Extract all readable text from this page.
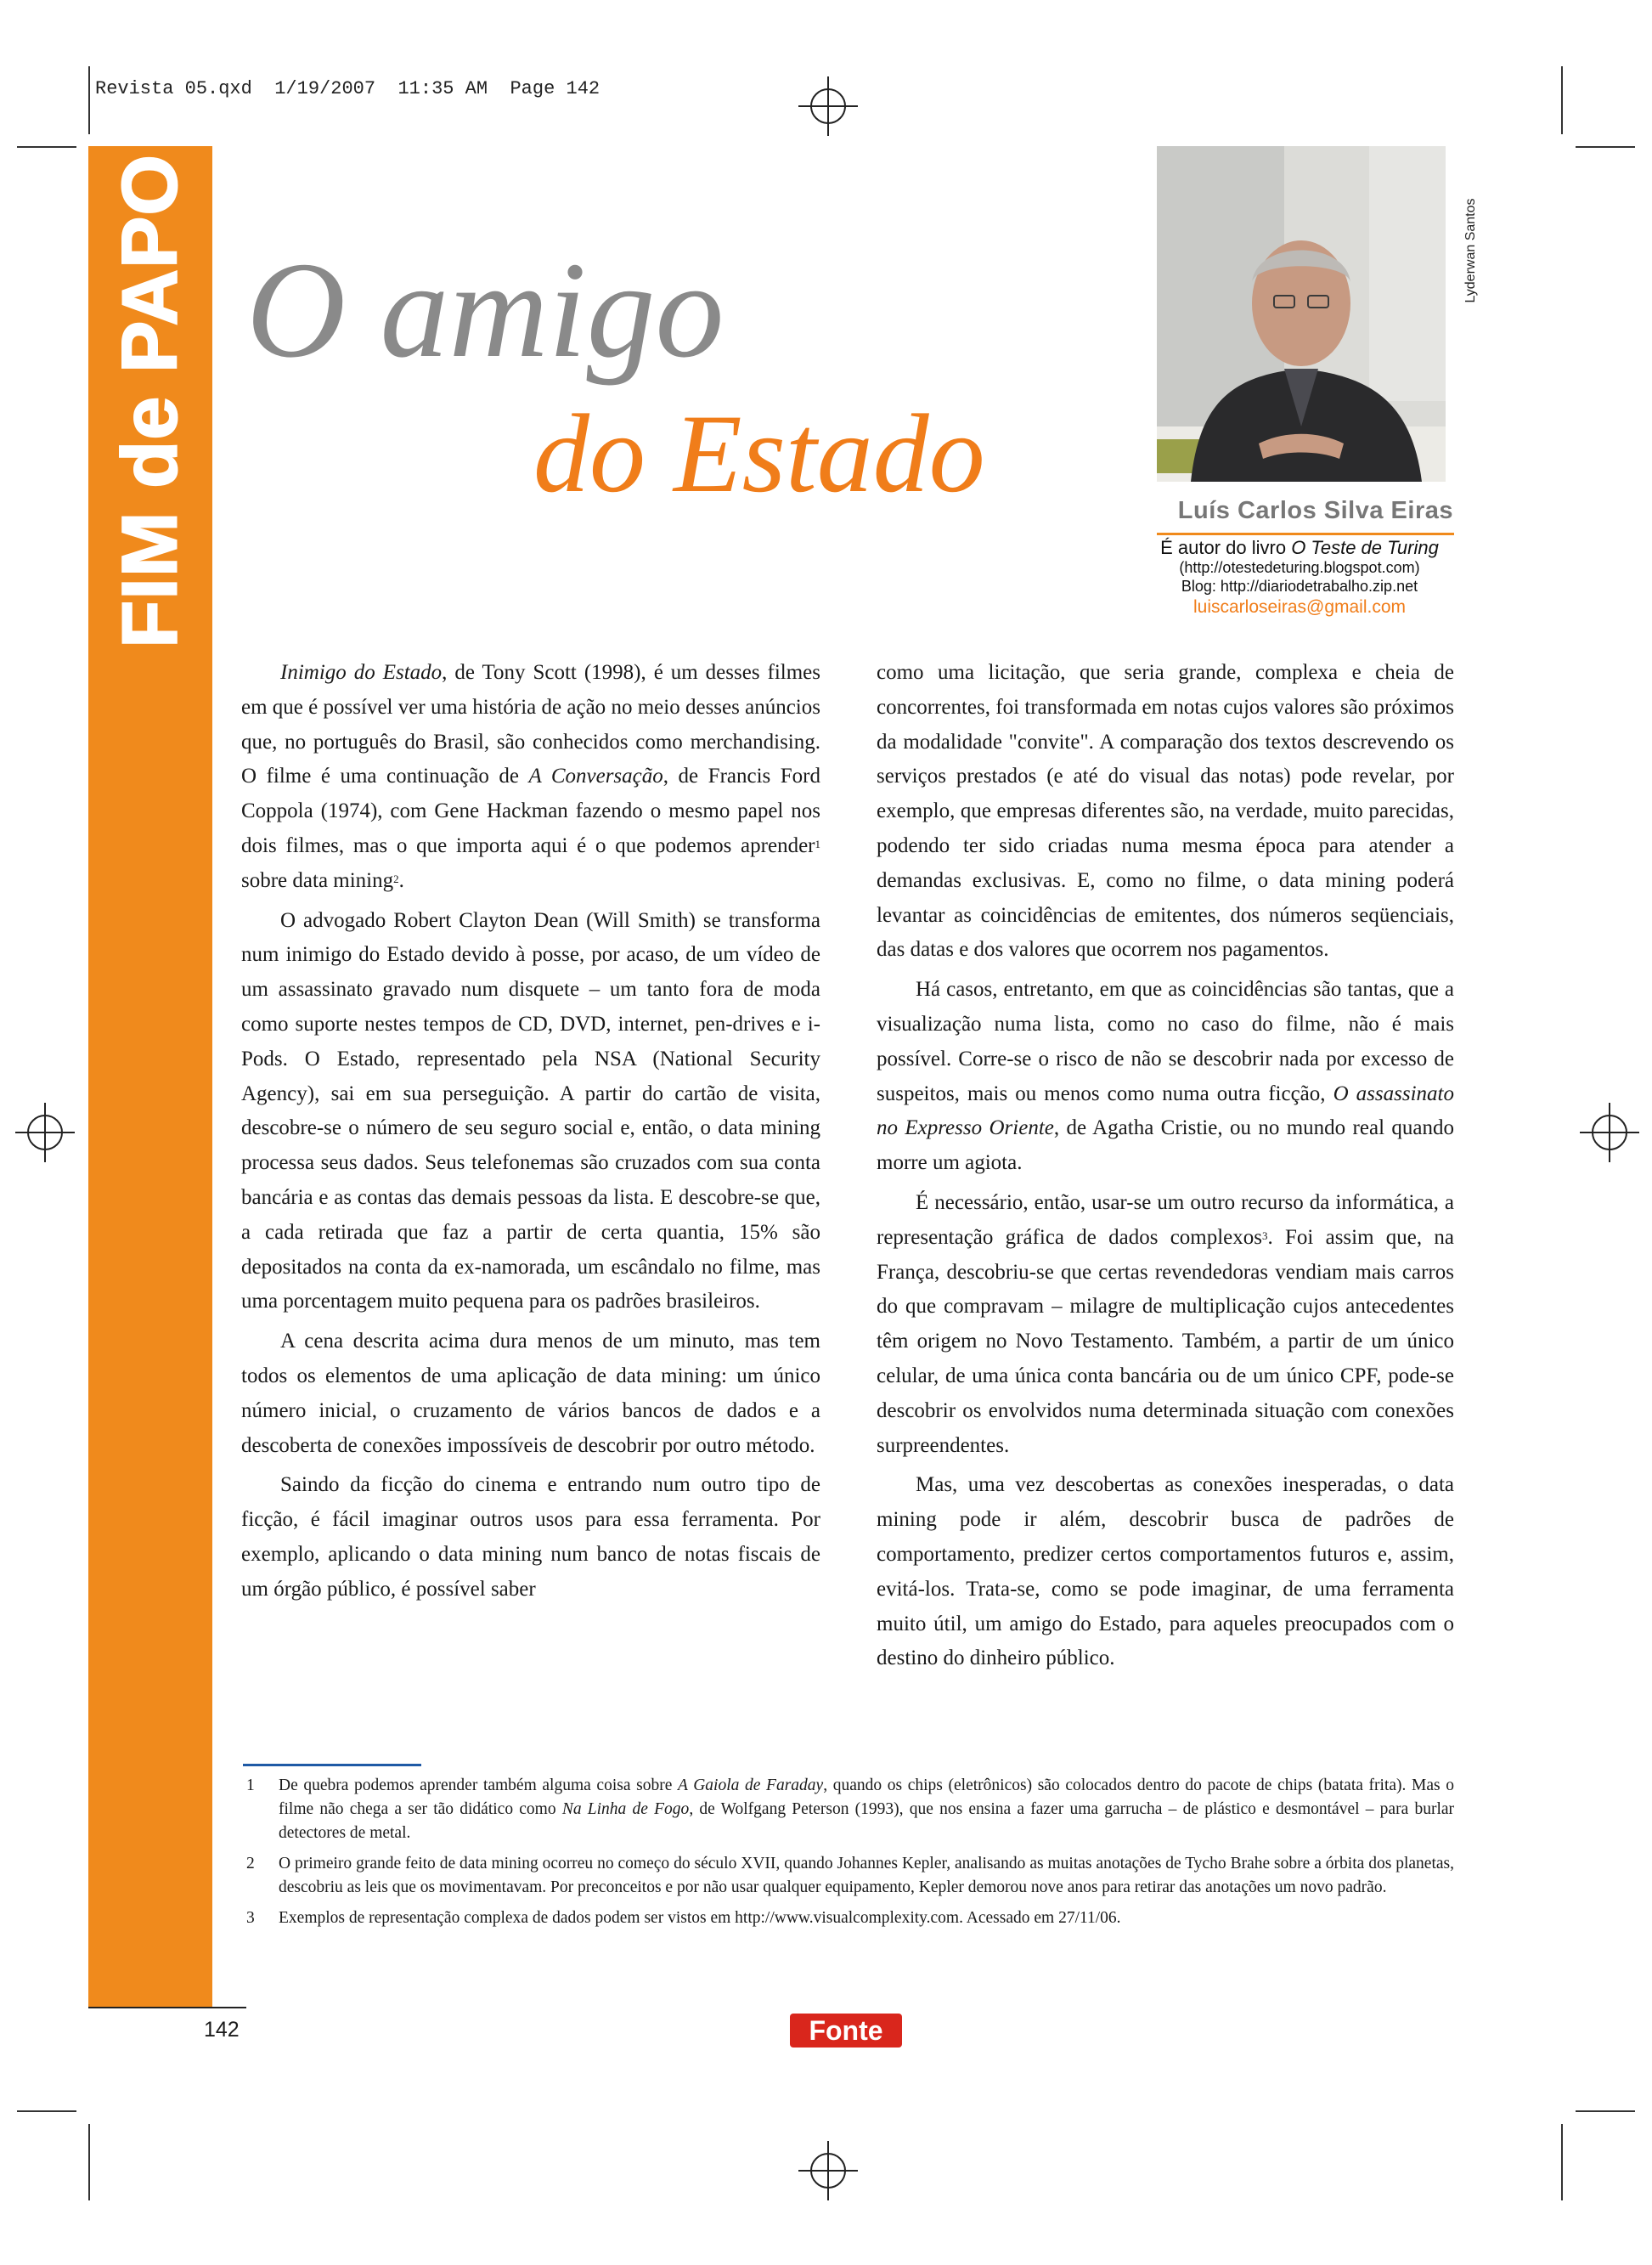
Revista 05.qxd  1/19/2007  11:35 AM  Page 142
FIM de PAPO O amigo
do Estado
Lyderwan Santos
Luís Carlos Silva Eiras
É autor do livro O Teste de Turing
(http://otestedeturing.blogspot.com)
Blog: http://diariodetrabalho.zip.net
luiscarloseiras@gmail.com

Inimigo do Estado, de Tony Scott (1998), é um desses filmes em que é possível ver uma história de ação no meio desses anúncios que, no português do Brasil, são conhecidos como merchandising. O filme é uma continuação de A Conversação, de Francis Ford Coppola (1974), com Gene Hackman fazendo o mesmo papel nos dois filmes, mas o que importa aqui é o que podemos aprender$^1$ sobre data mining$^2$.

O advogado Robert Clayton Dean (Will Smith) se transforma num inimigo do Estado devido à posse, por acaso, de um vídeo de um assassinato gravado num disquete – um tanto fora de moda como suporte nestes tempos de CD, DVD, internet, pen-drives e i-Pods. O Estado, representado pela NSA (National Security Agency), sai em sua perseguição. A partir do cartão de visita, descobre-se o número de seu seguro social e, então, o data mining processa seus dados. Seus telefonemas são cruzados com sua conta bancária e as contas das demais pessoas da lista. E descobre-se que, a cada retirada que faz a partir de certa quantia, 15% são depositados na conta da ex-namorada, um escândalo no filme, mas uma porcentagem muito pequena para os padrões brasileiros.

A cena descrita acima dura menos de um minuto, mas tem todos os elementos de uma aplicação de data mining: um único número inicial, o cruzamento de vários bancos de dados e a descoberta de conexões impossíveis de descobrir por outro método.

Saindo da ficção do cinema e entrando num outro tipo de ficção, é fácil imaginar outros usos para essa ferramenta. Por exemplo, aplicando o data mining num banco de notas fiscais de um órgão público, é possível saber

como uma licitação, que seria grande, complexa e cheia de concorrentes, foi transformada em notas cujos valores são próximos da modalidade "convite". A comparação dos textos descrevendo os serviços prestados (e até do visual das notas) pode revelar, por exemplo, que empresas diferentes são, na verdade, muito parecidas, podendo ter sido criadas numa mesma época para atender a demandas exclusivas. E, como no filme, o data mining poderá levantar as coincidências de emitentes, dos números seqüenciais, das datas e dos valores que ocorrem nos pagamentos.

Há casos, entretanto, em que as coincidências são tantas, que a visualização numa lista, como no caso do filme, não é mais possível. Corre-se o risco de não se descobrir nada por excesso de suspeitos, mais ou menos como numa outra ficção, O assassinato no Expresso Oriente, de Agatha Cristie, ou no mundo real quando morre um agiota.

É necessário, então, usar-se um outro recurso da informática, a representação gráfica de dados complexos$^3$. Foi assim que, na França, descobriu-se que certas revendedoras vendiam mais carros do que compravam – milagre de multiplicação cujos antecedentes têm origem no Novo Testamento. Também, a partir de um único celular, de uma única conta bancária ou de um único CPF, pode-se descobrir os envolvidos numa determinada situação com conexões surpreendentes.

Mas, uma vez descobertas as conexões inesperadas, o data mining pode ir além, descobrir busca de padrões de comportamento, predizer certos comportamentos futuros e, assim, evitá-los. Trata-se, como se pode imaginar, de uma ferramenta muito útil, um amigo do Estado, para aqueles preocupados com o destino do dinheiro público.

1 De quebra podemos aprender também alguma coisa sobre A Gaiola de Faraday, quando os chips (eletrônicos) são colocados dentro do pacote de chips (batata frita). Mas o filme não chega a ser tão didático como Na Linha de Fogo, de Wolfgang Peterson (1993), que nos ensina a fazer uma garrucha – de plástico e desmontável – para burlar detectores de metal.
2 O primeiro grande feito de data mining ocorreu no começo do século XVII, quando Johannes Kepler, analisando as muitas anotações de Tycho Brahe sobre a órbita dos planetas, descobriu as leis que os movimentavam. Por preconceitos e por não usar qualquer equipamento, Kepler demorou nove anos para retirar das anotações um novo padrão.
3 Exemplos de representação complexa de dados podem ser vistos em http://www.visualcomplexity.com. Acessado em 27/11/06.
142	Fonte
